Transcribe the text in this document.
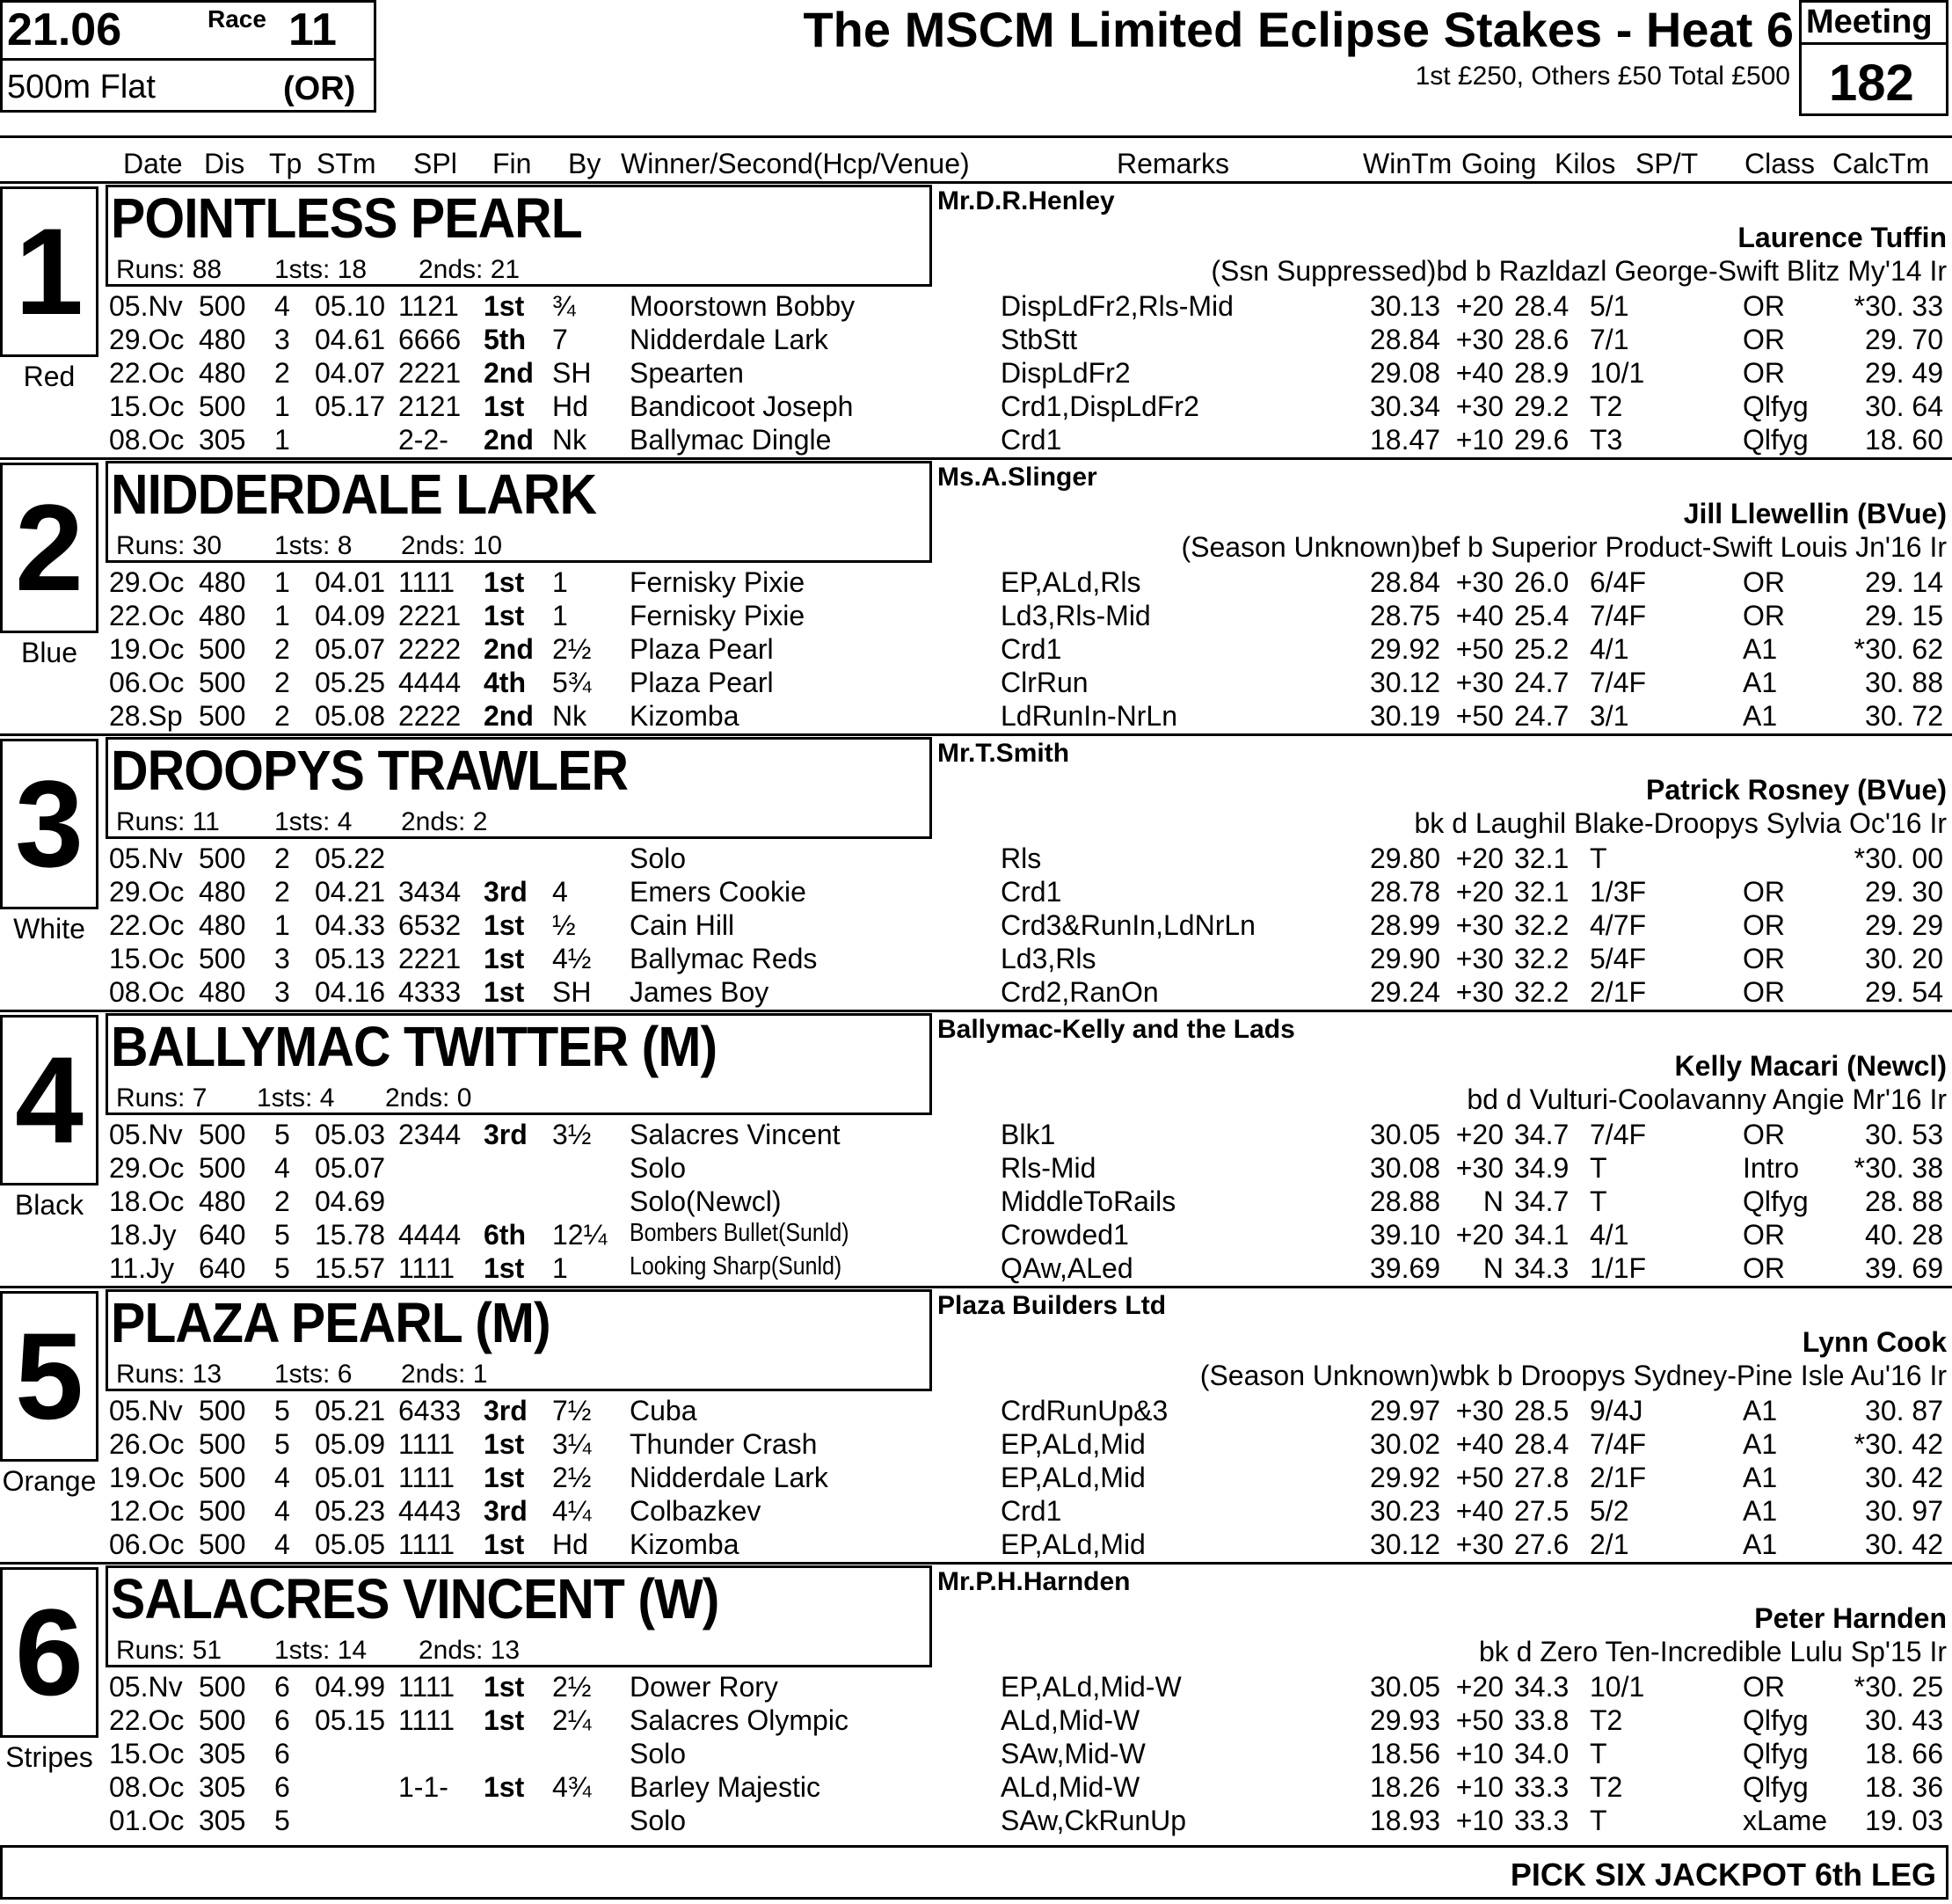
21.06	Race 11
500m Flat	(OR)
The MSCM Limited Eclipse Stakes - Heat 6
1st £250, Others £50 Total £500
Meeting
182
Date Dis Tp STm SPl Fin By Winner/Second(Hcp/Venue)	Remarks	WinTm Going Kilos SP/T Class CalcTm
1
Red
POINTLESS PEARL
Runs: 88 1sts: 18 2nds: 21
Mr.D.R.Henley
Laurence Tuffin
(Ssn Suppressed)bd b Razldazl George-Swift Blitz My'14 Ir
05.Nv 500 4 05.10 1121 1st ¾ Moorstown Bobby	DispLdFr2,Rls-Mid	30.13 +20 28.4 5/1	OR *30. 33
29.Oc 480 3 04.61 6666 5th 7 Nidderdale Lark	StbStt	28.84 +30 28.6 7/1	OR	29. 70
22.Oc 480 2 04.07 2221 2nd SH Spearten	DispLdFr2	29.08 +40 28.9 10/1	OR	29. 49
15.Oc 500 1 05.17 2121 1st Hd Bandicoot Joseph	Crd1,DispLdFr2	30.34 +30 29.2 T2	Qlfyg 30. 64
08.Oc 305 1	2-2- 2nd Nk Ballymac Dingle	Crd1	18.47 +10 29.6 T3	Qlfyg 18. 60
2
Blue
NIDDERDALE LARK
Runs: 30 1sts: 8 2nds: 10
Ms.A.Slinger
Jill Llewellin (BVue)
(Season Unknown)bef b Superior Product-Swift Louis Jn'16 Ir
29.Oc 480 1 04.01 1111 1st 1 Fernisky Pixie	EP,ALd,Rls	28.84 +30 26.0 6/4F	OR	29. 14
22.Oc 480 1 04.09 2221 1st 1 Fernisky Pixie	Ld3,Rls-Mid	28.75 +40 25.4 7/4F	OR	29. 15
19.Oc 500 2 05.07 2222 2nd 2½ Plaza Pearl	Crd1	29.92 +50 25.2 4/1	A1	*30. 62
06.Oc 500 2 05.25 4444 4th 5¾ Plaza Pearl	ClrRun	30.12 +30 24.7 7/4F	A1	30. 88
28.Sp 500 2 05.08 2222 2nd Nk Kizomba	LdRunIn-NrLn	30.19 +50 24.7 3/1	A1	30. 72
3
White
DROOPYS TRAWLER
Runs: 11 1sts: 4 2nds: 2
Mr.T.Smith
Patrick Rosney (BVue)
bk d Laughil Blake-Droopys Sylvia Oc'16 Ir
05.Nv 500 2 05.22	Solo	Rls	29.80 +20 32.1 T	*30. 00
29.Oc 480 2 04.21 3434 3rd 4 Emers Cookie	Crd1	28.78 +20 32.1 1/3F	OR	29. 30
22.Oc 480 1 04.33 6532 1st ½ Cain Hill	Crd3&RunIn,LdNrLn	28.99 +30 32.2 4/7F	OR	29. 29
15.Oc 500 3 05.13 2221 1st 4½ Ballymac Reds	Ld3,Rls	29.90 +30 32.2 5/4F	OR	30. 20
08.Oc 480 3 04.16 4333 1st SH James Boy	Crd2,RanOn	29.24 +30 32.2 2/1F	OR	29. 54
4
Black
BALLYMAC TWITTER (M)
Runs: 7 1sts: 4 2nds: 0
Ballymac-Kelly and the Lads
Kelly Macari (Newcl)
bd d Vulturi-Coolavanny Angie Mr'16 Ir
05.Nv 500 5 05.03 2344 3rd 3½ Salacres Vincent	Blk1	30.05 +20 34.7 7/4F	OR	30. 53
29.Oc 500 4 05.07	Solo	Rls-Mid	30.08 +30 34.9 T	Intro *30. 38
18.Oc 480 2 04.69	Solo(Newcl)	MiddleToRails	28.88 N 34.7 T	Qlfyg 28. 88
18.Jy 640 5 15.78 4444 6th 12¼ Bombers Bullet(Sunld)	Crowded1	39.10 +20 34.1 4/1	OR	40. 28
11.Jy 640 5 15.57 1111 1st 1 Looking Sharp(Sunld)	QAw,ALed	39.69 N 34.3 1/1F	OR	39. 69
5
Orange
PLAZA PEARL (M)
Runs: 13 1sts: 6 2nds: 1
Plaza Builders Ltd
Lynn Cook
(Season Unknown)wbk b Droopys Sydney-Pine Isle Au'16 Ir
05.Nv 500 5 05.21 6433 3rd 7½ Cuba	CrdRunUp&3	29.97 +30 28.5 9/4J	A1	30. 87
26.Oc 500 5 05.09 1111 1st 3¼ Thunder Crash	EP,ALd,Mid	30.02 +40 28.4 7/4F	A1	*30. 42
19.Oc 500 4 05.01 1111 1st 2½ Nidderdale Lark	EP,ALd,Mid	29.92 +50 27.8 2/1F	A1	30. 42
12.Oc 500 4 05.23 4443 3rd 4¼ Colbazkev	Crd1	30.23 +40 27.5 5/2	A1	30. 97
06.Oc 500 4 05.05 1111 1st Hd Kizomba	EP,ALd,Mid	30.12 +30 27.6 2/1	A1	30. 42
6
Stripes
SALACRES VINCENT (W)
Runs: 51 1sts: 14 2nds: 13
Mr.P.H.Harnden
Peter Harnden
bk d Zero Ten-Incredible Lulu Sp'15 Ir
05.Nv 500 6 04.99 1111 1st 2½ Dower Rory	EP,ALd,Mid-W	30.05 +20 34.3 10/1	OR *30. 25
22.Oc 500 6 05.15 1111 1st 2¼ Salacres Olympic	ALd,Mid-W	29.93 +50 33.8 T2	Qlfyg 30. 43
15.Oc 305 6	Solo	SAw,Mid-W	18.56 +10 34.0 T	Qlfyg 18. 66
08.Oc 305 6	1-1- 1st 4¾ Barley Majestic	ALd,Mid-W	18.26 +10 33.3 T2	Qlfyg 18. 36
01.Oc 305 5	Solo	SAw,CkRunUp	18.93 +10 33.3 T	xLame 19. 03
PICK SIX JACKPOT 6th LEG
